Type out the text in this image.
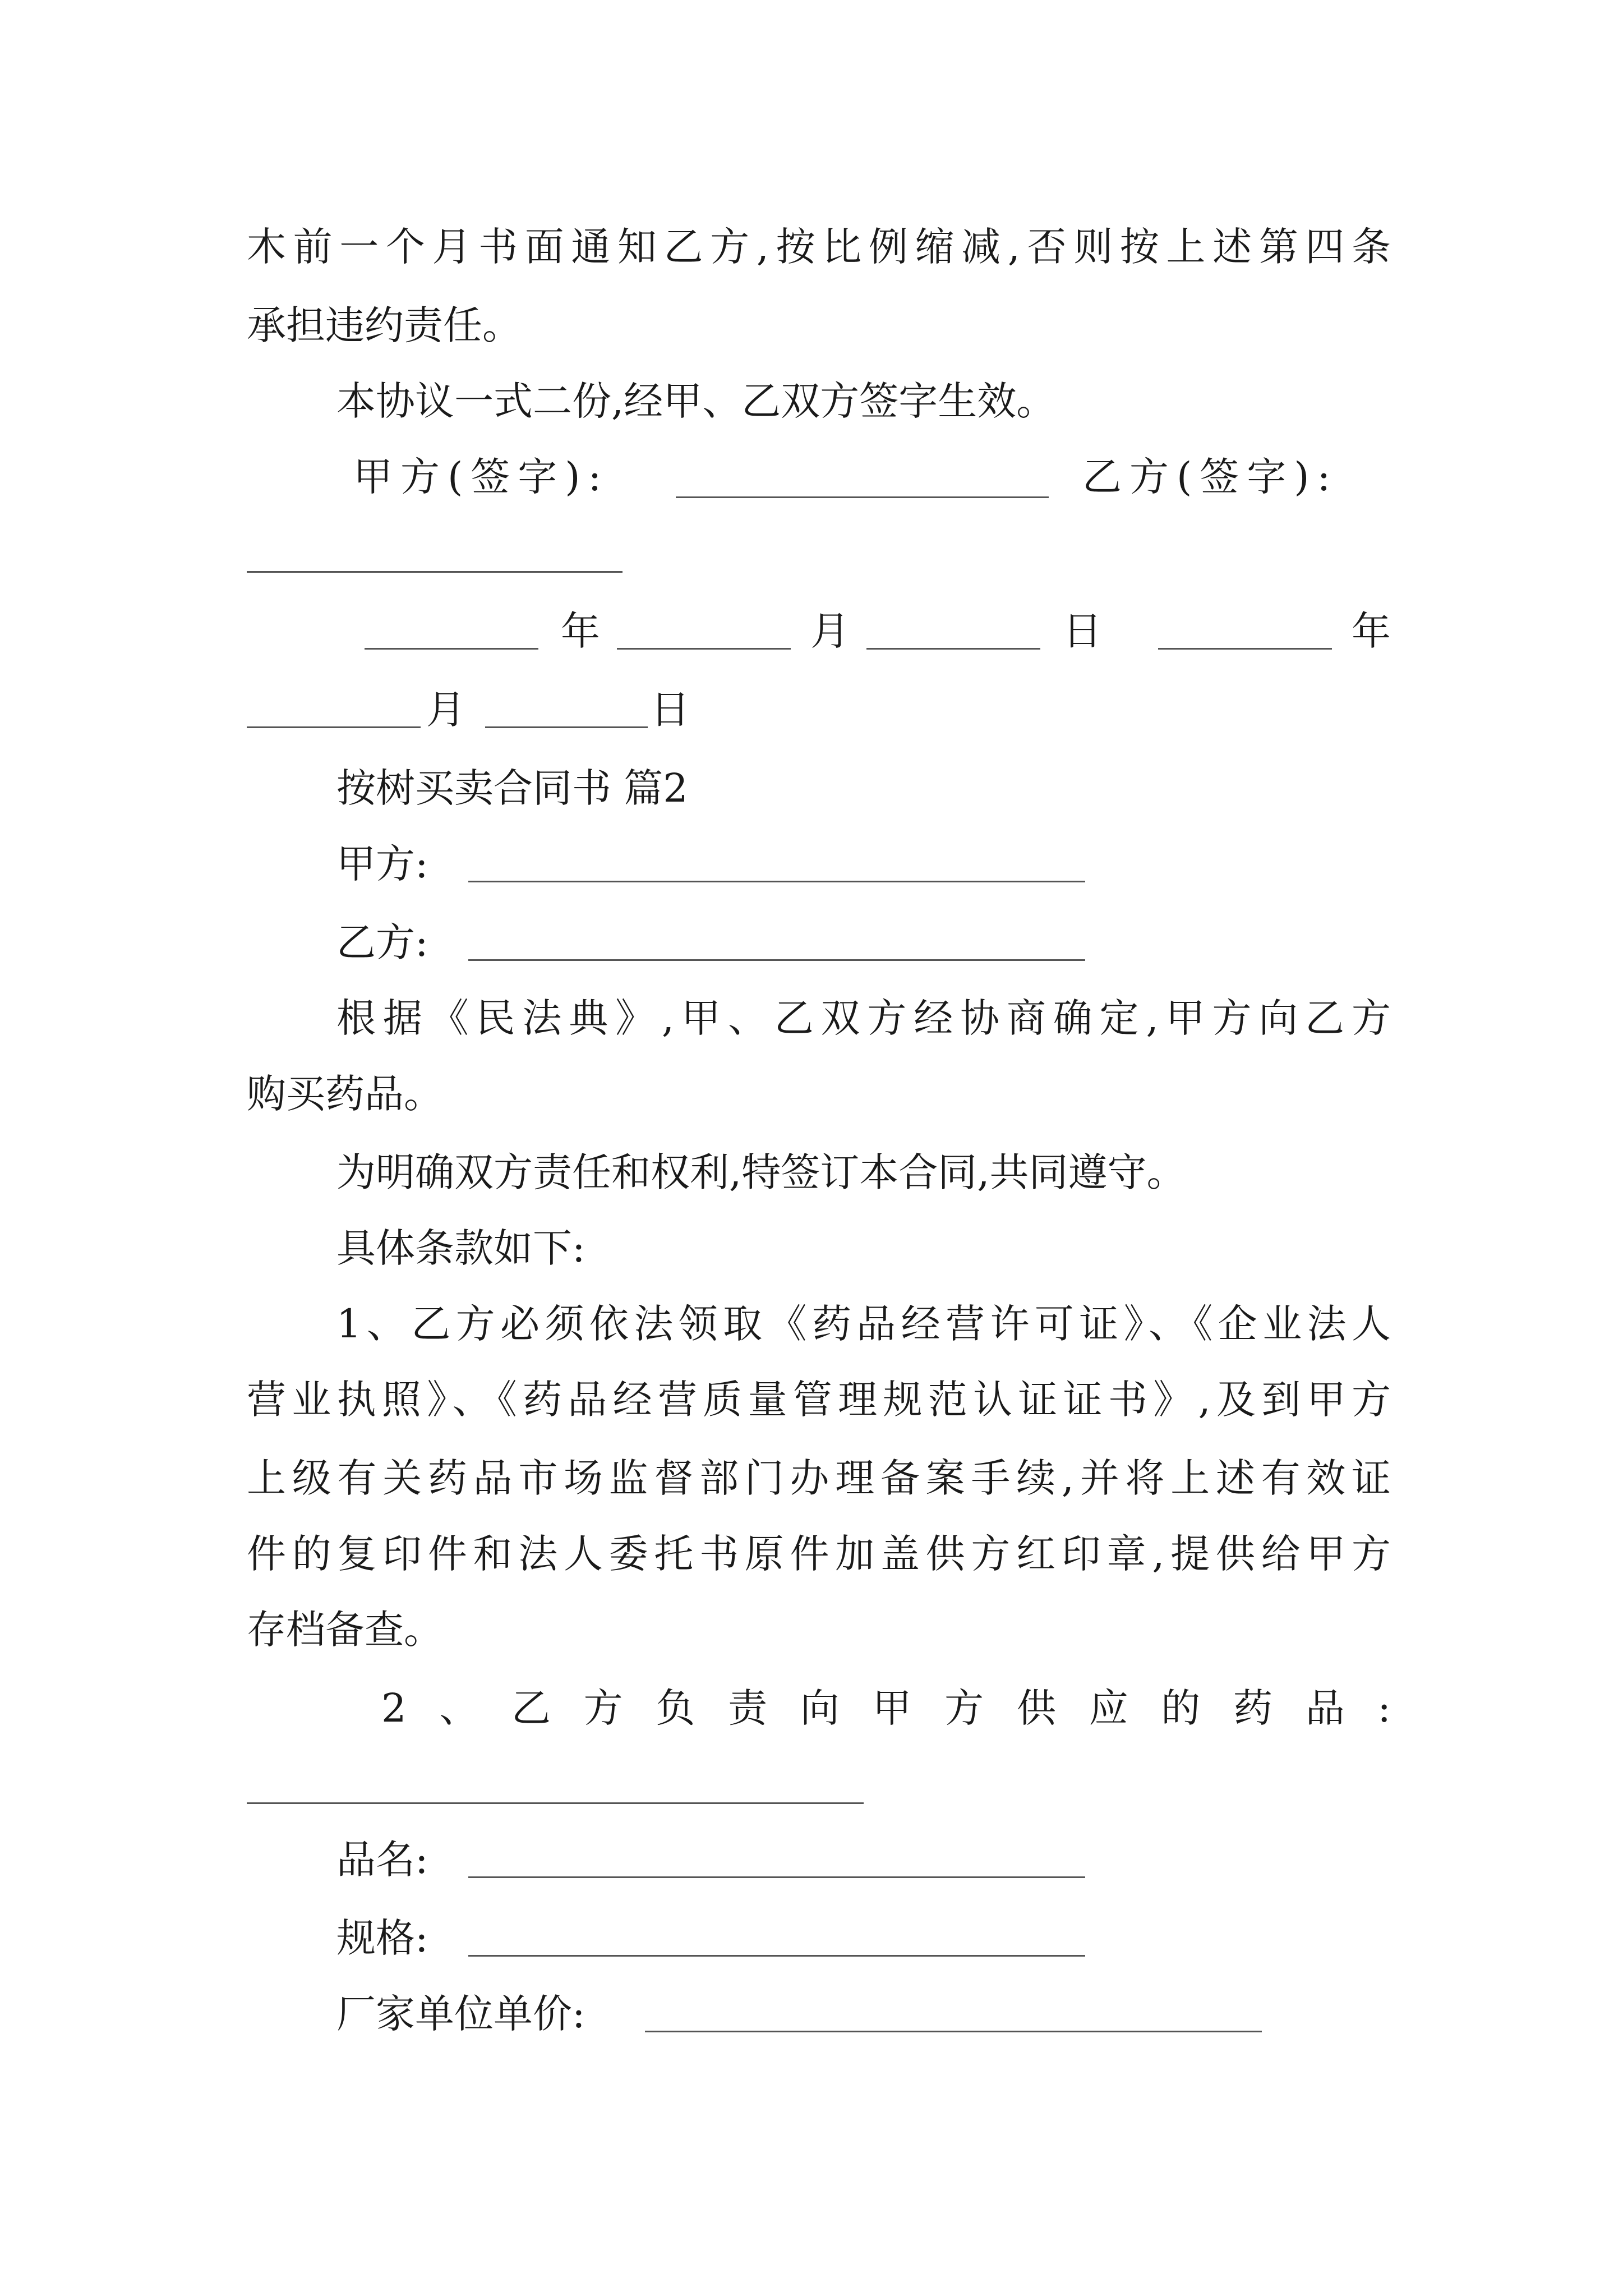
木前一个月书面通知乙方,按比例缩减,否则按上述第四条
承担违约责任。
本协议一式二份,经甲、乙双方签字生效。
甲方(签字):	乙方(签字):
年	月	日	年
月	日
按树买卖合同书 篇2
甲方:
乙方:
根据《民法典》,甲、乙双方经协商确定,甲方向乙方
购买药品。
为明确双方责任和权利,特签订本合同,共同遵守。
具体条款如下:
1、乙方必须依法领取《药品经营许可证》、《企业法人
营业执照》、《药品经营质量管理规范认证证书》,及到甲方
上级有关药品市场监督部门办理备案手续,并将上述有效证
件的复印件和法人委托书原件加盖供方红印章,提供给甲方
存档备查。
2、乙方负责向甲方供应的药品:
品名:
规格:
厂家单位单价:
